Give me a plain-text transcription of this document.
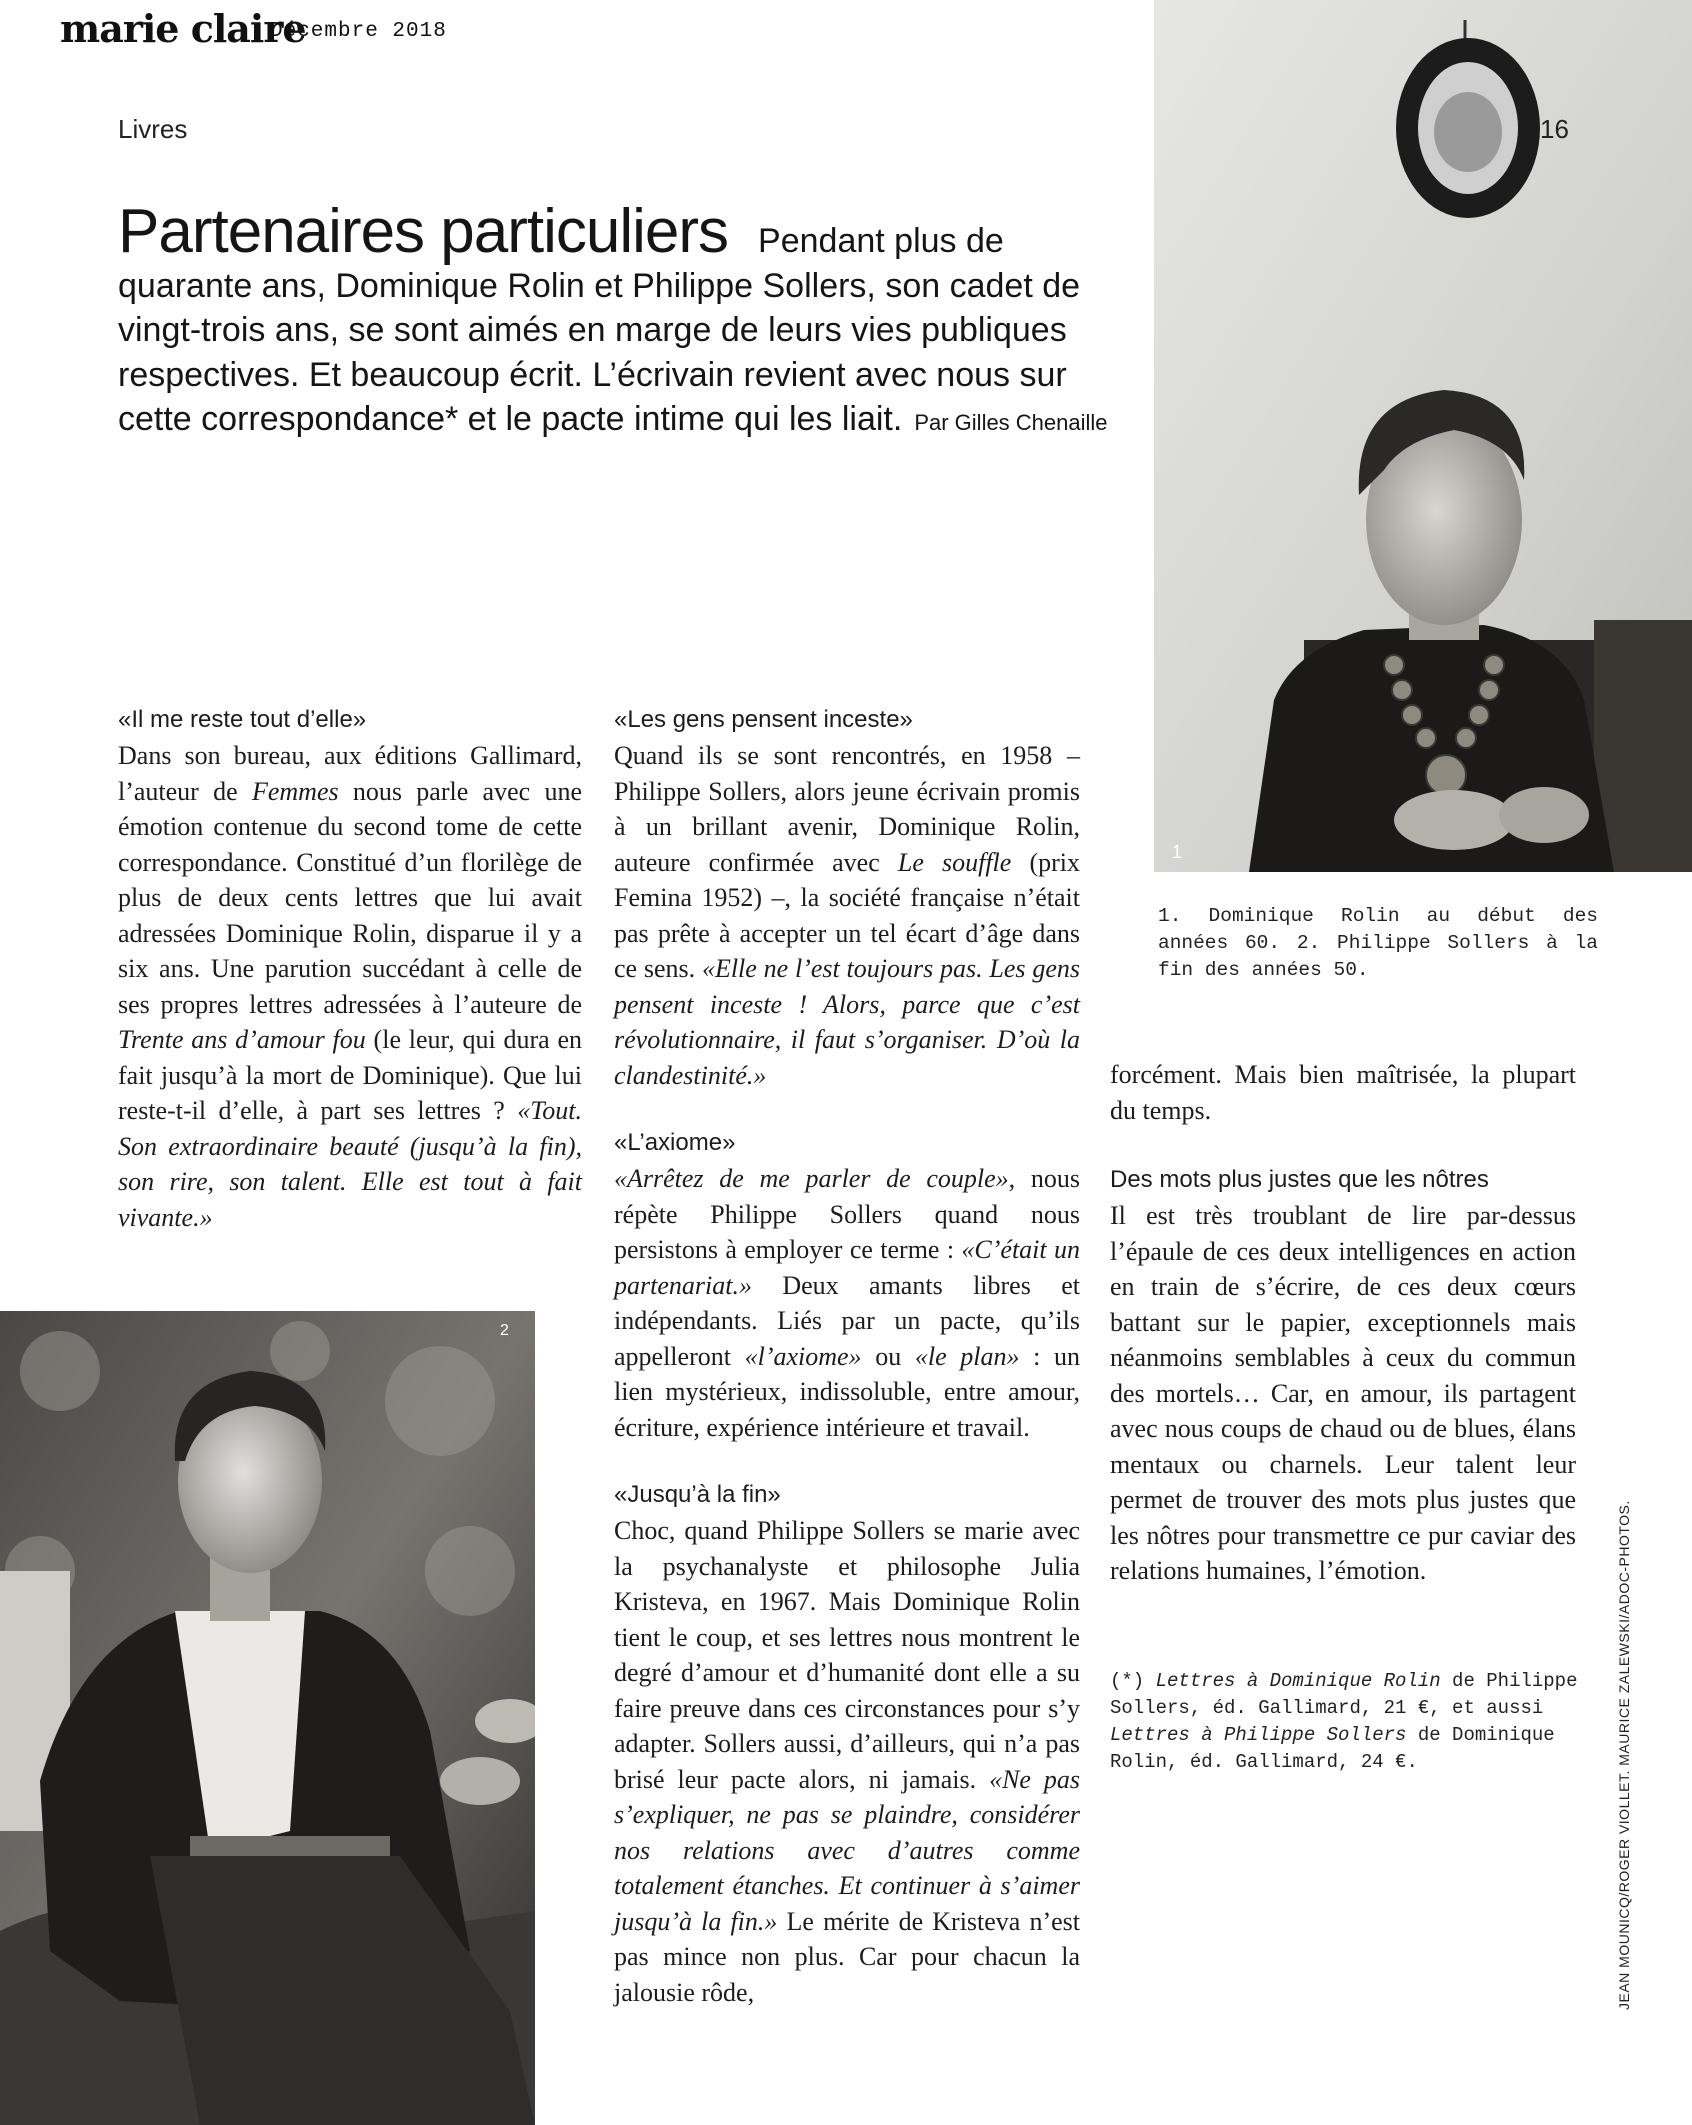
marie claire
Décembre 2018
Livres
1
16
Partenaires particuliers Pendant plus de quarante ans, Dominique Rolin et Philippe Sollers, son cadet de vingt-trois ans, se sont aimés en marge de leurs vies publiques respectives. Et beaucoup écrit. L’écrivain revient avec nous sur cette correspondance* et le pacte intime qui les liait. Par Gilles Chenaille

«Il me reste tout d’elle»

Dans son bureau, aux éditions Gallimard, l’auteur de Femmes nous parle avec une émotion contenue du second tome de cette correspondance. Constitué d’un florilège de plus de deux cents lettres que lui avait adressées Dominique Rolin, disparue il y a six ans. Une parution succédant à celle de ses propres lettres adressées à l’auteure de Trente ans d’amour fou (le leur, qui dura en fait jusqu’à la mort de Dominique). Que lui reste-t-il d’elle, à part ses lettres ? «Tout. Son extraordinaire beauté (jusqu’à la fin), son rire, son talent. Elle est tout à fait vivante.»

2

«Les gens pensent inceste»

Quand ils se sont rencontrés, en 1958 – Philippe Sollers, alors jeune écrivain promis à un brillant avenir, Dominique Rolin, auteure confirmée avec Le souffle (prix Femina 1952) –, la société française n’était pas prête à accepter un tel écart d’âge dans ce sens. «Elle ne l’est toujours pas. Les gens pensent inceste ! Alors, parce que c’est révolutionnaire, il faut s’organiser. D’où la clandestinité.»

«L’axiome»

«Arrêtez de me parler de couple», nous répète Philippe Sollers quand nous persistons à employer ce terme : «C’était un partenariat.» Deux amants libres et indépendants. Liés par un pacte, qu’ils appelleront «l’axiome» ou «le plan» : un lien mystérieux, indissoluble, entre amour, écriture, expérience intérieure et travail.

«Jusqu’à la fin»

Choc, quand Philippe Sollers se marie avec la psychanalyste et philosophe Julia Kristeva, en 1967. Mais Dominique Rolin tient le coup, et ses lettres nous montrent le degré d’amour et d’humanité dont elle a su faire preuve dans ces circonstances pour s’y adapter. Sollers aussi, d’ailleurs, qui n’a pas brisé leur pacte alors, ni jamais. «Ne pas s’expliquer, ne pas se plaindre, considérer nos relations avec d’autres comme totalement étanches. Et continuer à s’aimer jusqu’à la fin.» Le mérite de Kristeva n’est pas mince non plus. Car pour chacun la jalousie rôde,

1. Dominique Rolin au début des années 60. 2. Philippe Sollers à la fin des années 50.

forcément. Mais bien maîtrisée, la plupart du temps.

Des mots plus justes que les nôtres

Il est très troublant de lire par-dessus l’épaule de ces deux intelligences en action en train de s’écrire, de ces deux cœurs battant sur le papier, exceptionnels mais néanmoins semblables à ceux du commun des mortels… Car, en amour, ils partagent avec nous coups de chaud ou de blues, élans mentaux ou charnels. Leur talent leur permet de trouver des mots plus justes que les nôtres pour transmettre ce pur caviar des relations humaines, l’émotion.

(*) Lettres à Dominique Rolin de Philippe Sollers, éd. Gallimard, 21 €, et aussi Lettres à Philippe Sollers de Dominique Rolin, éd. Gallimard, 24 €.	JEAN MOUNICQ/ROGER VIOLLET. MAURICE ZALEWSKI/ADOC-PHOTOS.
